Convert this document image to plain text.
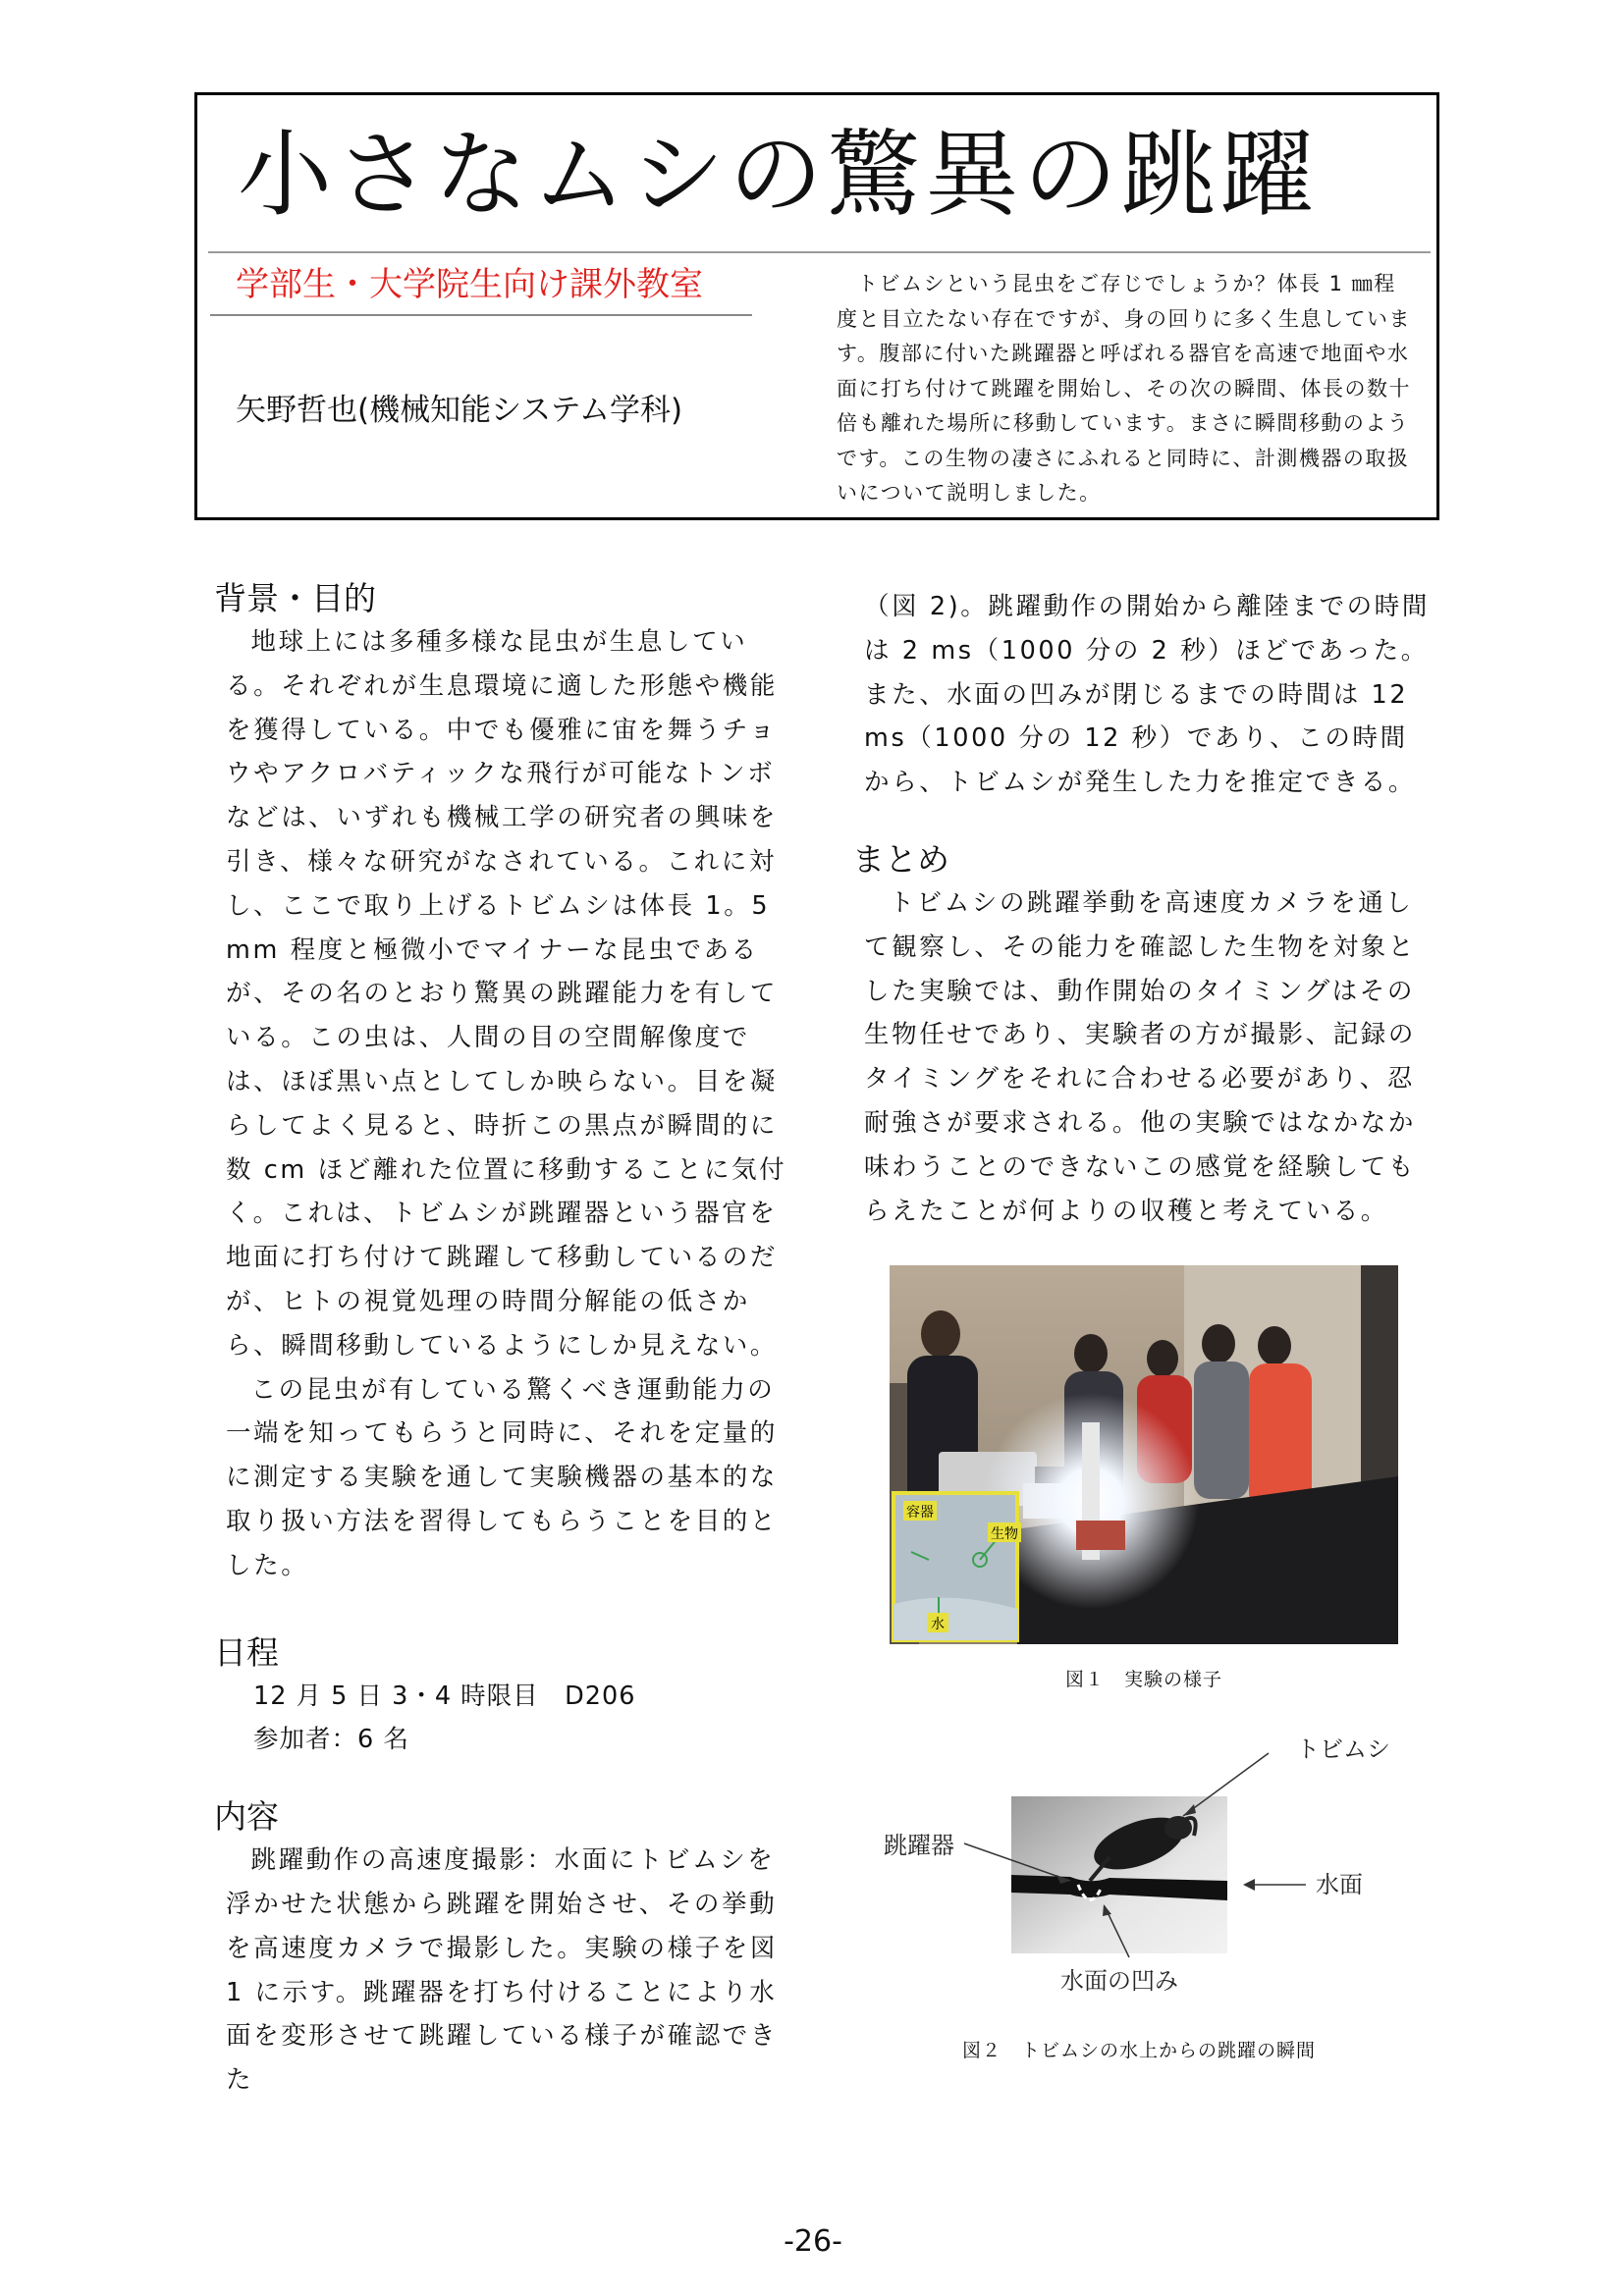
小さなムシの驚異の跳躍
学部生・大学院生向け課外教室
矢野哲也(機械知能システム学科)

トビムシという昆虫をご存じでしょうか？体長 1 ㎜程度と目立たない存在ですが、身の回りに多く生息しています。腹部に付いた跳躍器と呼ばれる器官を高速で地面や水面に打ち付けて跳躍を開始し、その次の瞬間、体長の数十倍も離れた場所に移動しています。まさに瞬間移動のようです。この生物の凄さにふれると同時に、計測機器の取扱いについて説明しました。

背景・目的

地球上には多種多様な昆虫が生息している。それぞれが生息環境に適した形態や機能を獲得している。中でも優雅に宙を舞うチョウやアクロバティックな飛行が可能なトンボなどは、いずれも機械工学の研究者の興味を引き、様々な研究がなされている。これに対し、ここで取り上げるトビムシは体長 1。5 mm 程度と極微小でマイナーな昆虫であるが、その名のとおり驚異の跳躍能力を有している。この虫は、人間の目の空間解像度では、ほぼ黒い点としてしか映らない。目を凝らしてよく見ると、時折この黒点が瞬間的に数 cm ほど離れた位置に移動することに気付く。これは、トビムシが跳躍器という器官を地面に打ち付けて跳躍して移動しているのだが、ヒトの視覚処理の時間分解能の低さから、瞬間移動しているようにしか見えない。

この昆虫が有している驚くべき運動能力の一端を知ってもらうと同時に、それを定量的に測定する実験を通して実験機器の基本的な取り扱い方法を習得してもらうことを目的とした。

日程

12 月 5 日 3・4 時限目　D206

参加者：6 名

内容

跳躍動作の高速度撮影：水面にトビムシを浮かせた状態から跳躍を開始させ、その挙動を高速度カメラで撮影した。実験の様子を図 1 に示す。跳躍器を打ち付けることにより水面を変形させて跳躍している様子が確認できた

（図 2)。跳躍動作の開始から離陸までの時間は 2 ms（1000 分の 2 秒）ほどであった。また、水面の凹みが閉じるまでの時間は 12 ms（1000 分の 12 秒）であり、この時間から、トビムシが発生した力を推定できる。

まとめ

トビムシの跳躍挙動を高速度カメラを通して観察し、その能力を確認した生物を対象とした実験では、動作開始のタイミングはその生物任せであり、実験者の方が撮影、記録のタイミングをそれに合わせる必要があり、忍耐強さが要求される。他の実験ではなかなか味わうことのできないこの感覚を経験してもらえたことが何よりの収穫と考えている。

容器
生物
水
図１　実験の様子
トビムシ
跳躍器
水面
水面の凹み
図２　トビムシの水上からの跳躍の瞬間
-26-
